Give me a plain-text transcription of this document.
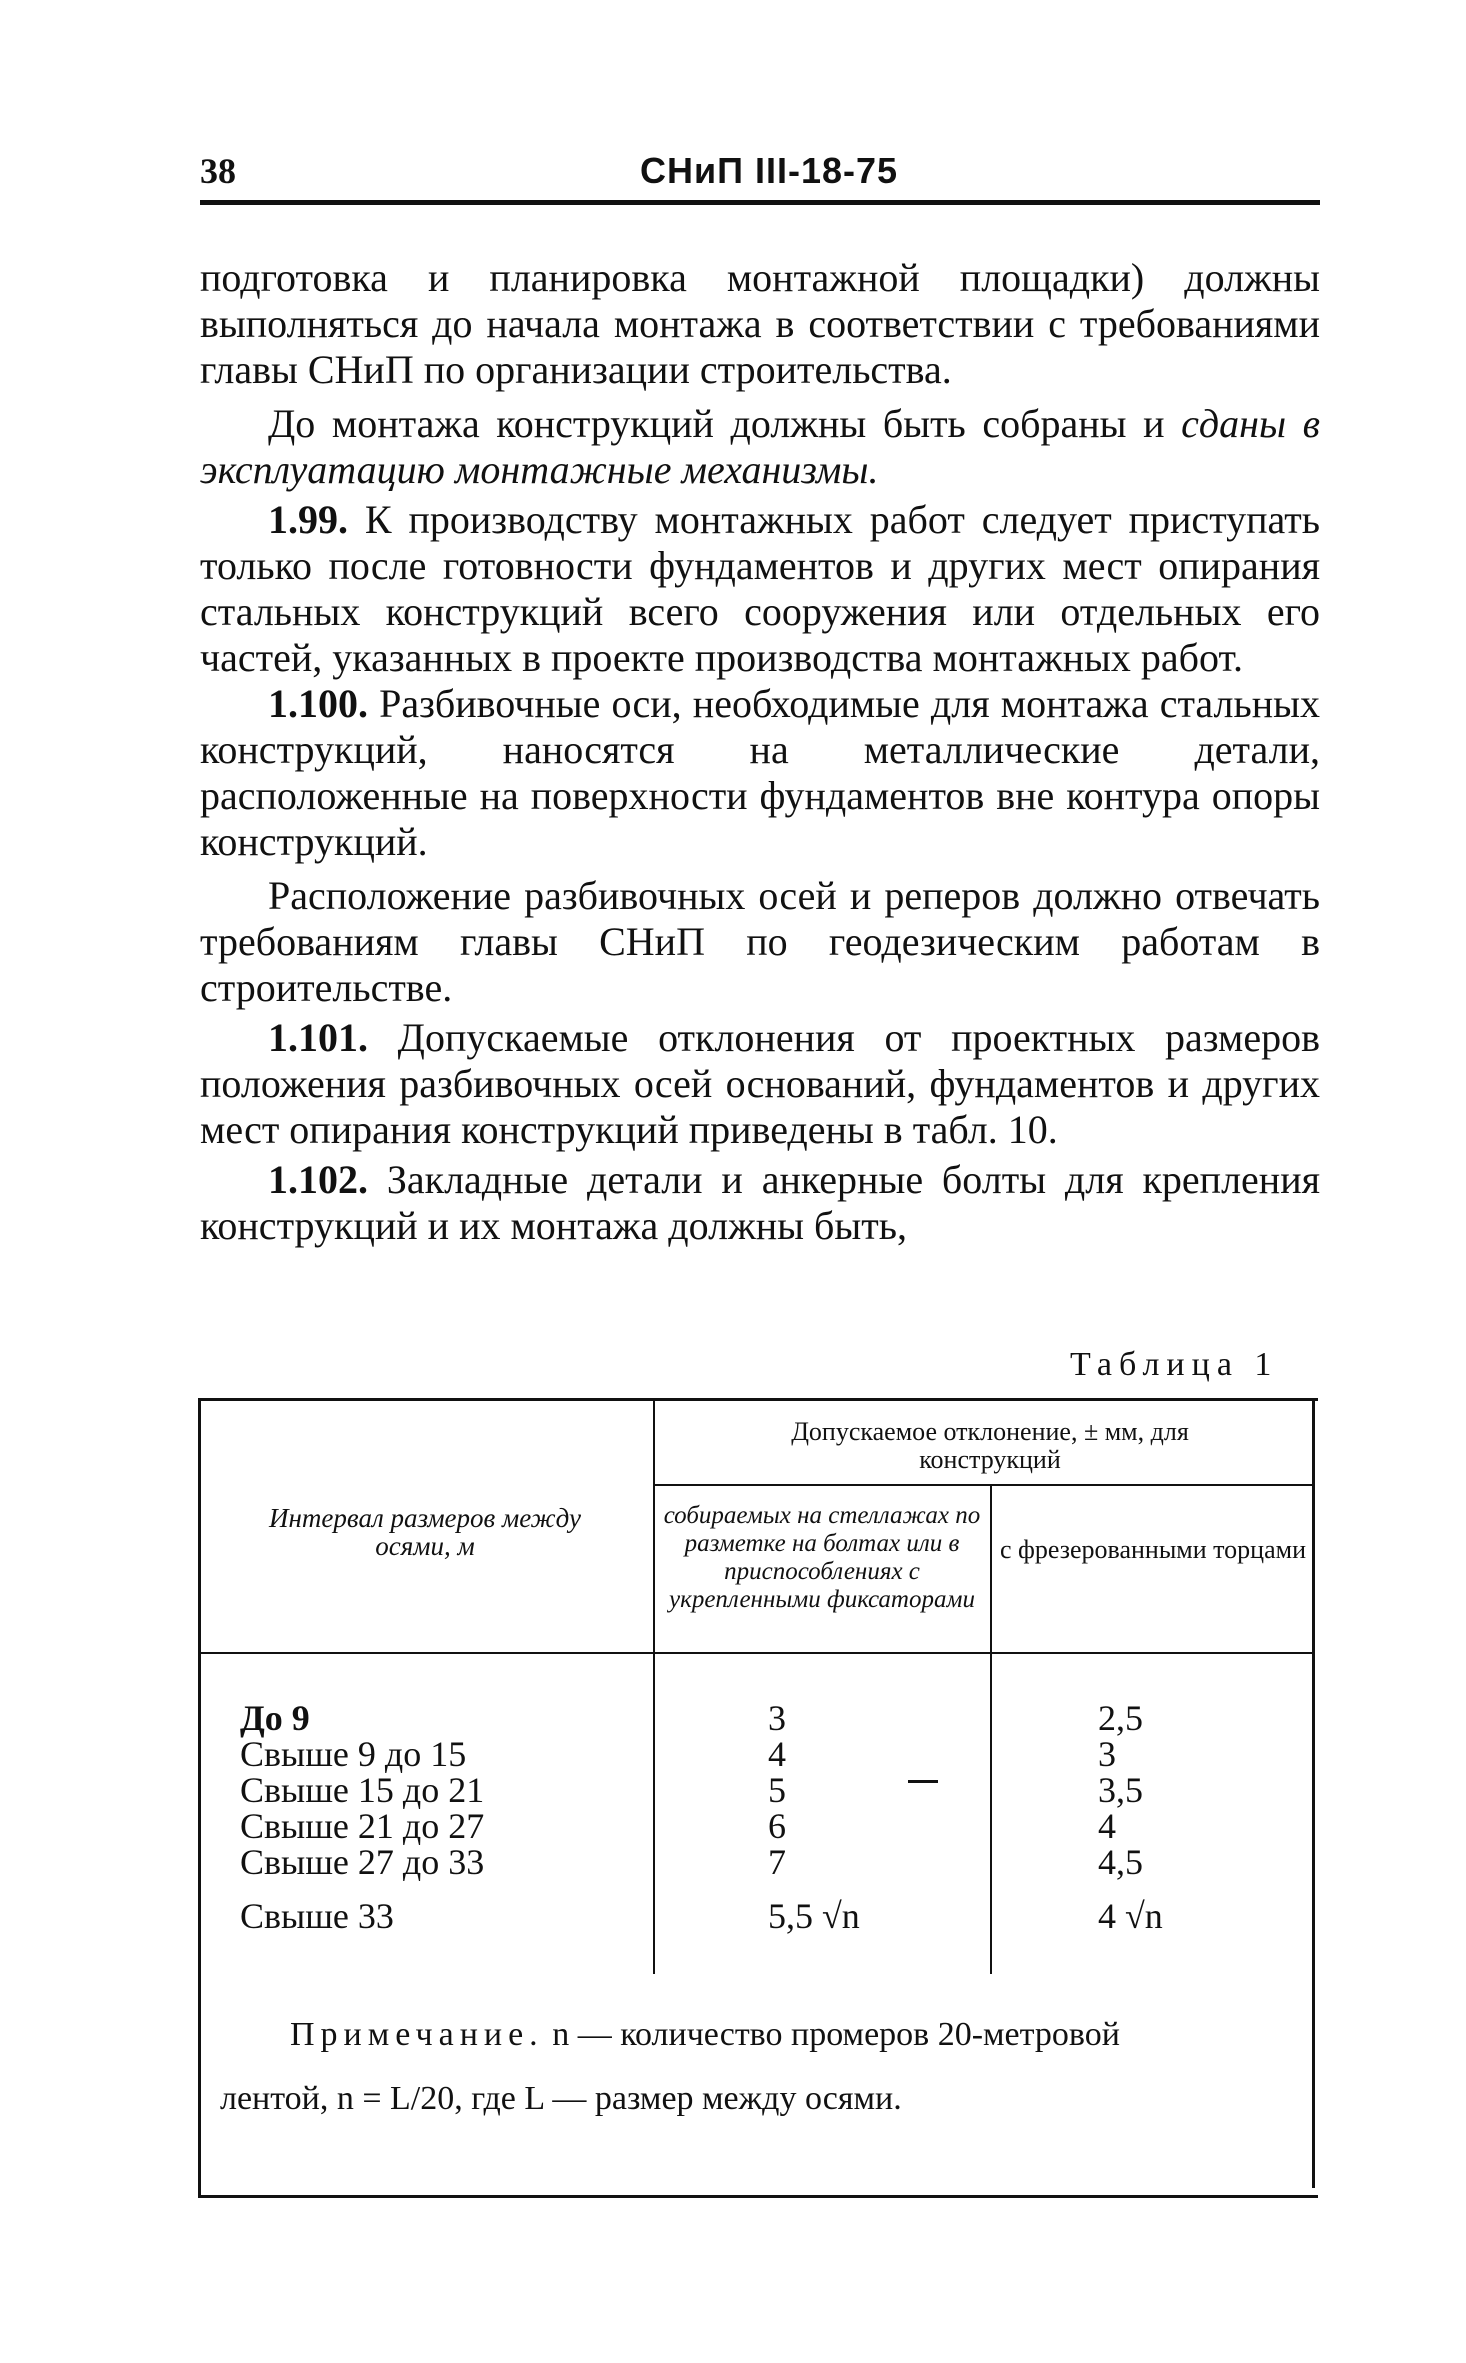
38	СНиП III-18-75

подготовка и планировка монтажной площадки) должны выполняться до начала монтажа в соответствии с требованиями главы СНиП по организации строительства.

До монтажа конструкций должны быть собраны и сданы в эксплуатацию монтажные механизмы.

1.99. К производству монтажных работ следует приступать только после готовности фундаментов и других мест опирания стальных конструкций всего сооружения или отдельных его частей, указанных в проекте производства монтажных работ.

1.100. Разбивочные оси, необходимые для монтажа стальных конструкций, наносятся на металлические детали, расположенные на поверхности фундаментов вне контура опоры конструкций.

Расположение разбивочных осей и реперов должно отвечать требованиям главы СНиП по геодезическим работам в строительстве.

1.101. Допускаемые отклонения от проектных размеров положения разбивочных осей оснований, фундаментов и других мест опирания конструкций приведены в табл. 10.

1.102. Закладные детали и анкерные болты для крепления конструкций и их монтажа должны быть,

Таблица 1
Интервал размеров между осями, м
Допускаемое отклонение, ± мм, для конструкций
собираемых на стеллажах по разметке на болтах или в приспособлениях с укрепленными фиксаторами
с фрезерованными торцами
До 9
Свыше 9 до 15
Свыше 15 до 21
Свыше 21 до 27
Свыше 27 до 33
Свыше 33
3
4
5
6
7
5,5 √n
2,5
3
3,5
4
4,5
4 √n
Примечание. n — количество промеров 20-метровой
лентой, n = L/20, где L — размер между осями.
